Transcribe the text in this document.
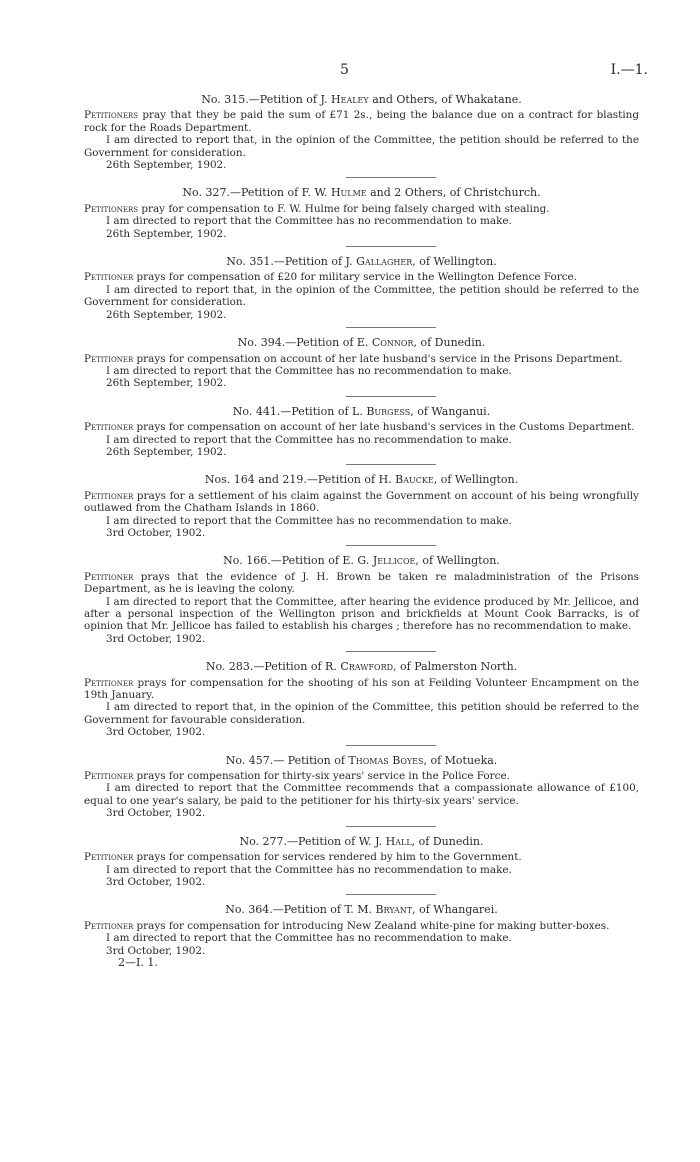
5	I.—1.
No. 315.—Petition of J. Healey and Others, of Whakatane.

Petitioners pray that they be paid the sum of £71 2s., being the balance due on a contract for blasting rock for the Roads Department.

I am directed to report that, in the opinion of the Committee, the petition should be referred to the Government for consideration.

26th September, 1902.

No. 327.—Petition of F. W. Hulme and 2 Others, of Christchurch.

Petitioners pray for compensation to F. W. Hulme for being falsely charged with stealing.

I am directed to report that the Committee has no recommendation to make.

26th September, 1902.

No. 351.—Petition of J. Gallagher, of Wellington.

Petitioner prays for compensation of £20 for military service in the Wellington Defence Force.

I am directed to report that, in the opinion of the Committee, the petition should be referred to the Government for consideration.

26th September, 1902.

No. 394.—Petition of E. Connor, of Dunedin.

Petitioner prays for compensation on account of her late husband's service in the Prisons Department.

I am directed to report that the Committee has no recommendation to make.

26th September, 1902.

No. 441.—Petition of L. Burgess, of Wanganui.

Petitioner prays for compensation on account of her late husband's services in the Customs Department.

I am directed to report that the Committee has no recommendation to make.

26th September, 1902.

Nos. 164 and 219.—Petition of H. Baucke, of Wellington.

Petitioner prays for a settlement of his claim against the Government on account of his being wrongfully outlawed from the Chatham Islands in 1860.

I am directed to report that the Committee has no recommendation to make.

3rd October, 1902.

No. 166.—Petition of E. G. Jellicoe, of Wellington.

Petitioner prays that the evidence of J. H. Brown be taken re maladministration of the Prisons Department, as he is leaving the colony.

I am directed to report that the Committee, after hearing the evidence produced by Mr. Jellicoe, and after a personal inspection of the Wellington prison and brickfields at Mount Cook Barracks, is of opinion that Mr. Jellicoe has failed to establish his charges ; therefore has no recommendation to make.

3rd October, 1902.

No. 283.—Petition of R. Crawford, of Palmerston North.

Petitioner prays for compensation for the shooting of his son at Feilding Volunteer Encampment on the 19th January.

I am directed to report that, in the opinion of the Committee, this petition should be referred to the Government for favourable consideration.

3rd October, 1902.

No. 457.— Petition of Thomas Boyes, of Motueka.

Petitioner prays for compensation for thirty-six years' service in the Police Force.

I am directed to report that the Committee recommends that a compassionate allowance of £100, equal to one year's salary, be paid to the petitioner for his thirty-six years' service.

3rd October, 1902.

No. 277.—Petition of W. J. Hall, of Dunedin.

Petitioner prays for compensation for services rendered by him to the Government.

I am directed to report that the Committee has no recommendation to make.

3rd October, 1902.

No. 364.—Petition of T. M. Bryant, of Whangarei.

Petitioner prays for compensation for introducing New Zealand white-pine for making butter-boxes.

I am directed to report that the Committee has no recommendation to make.

3rd October, 1902.

2—I. 1.
